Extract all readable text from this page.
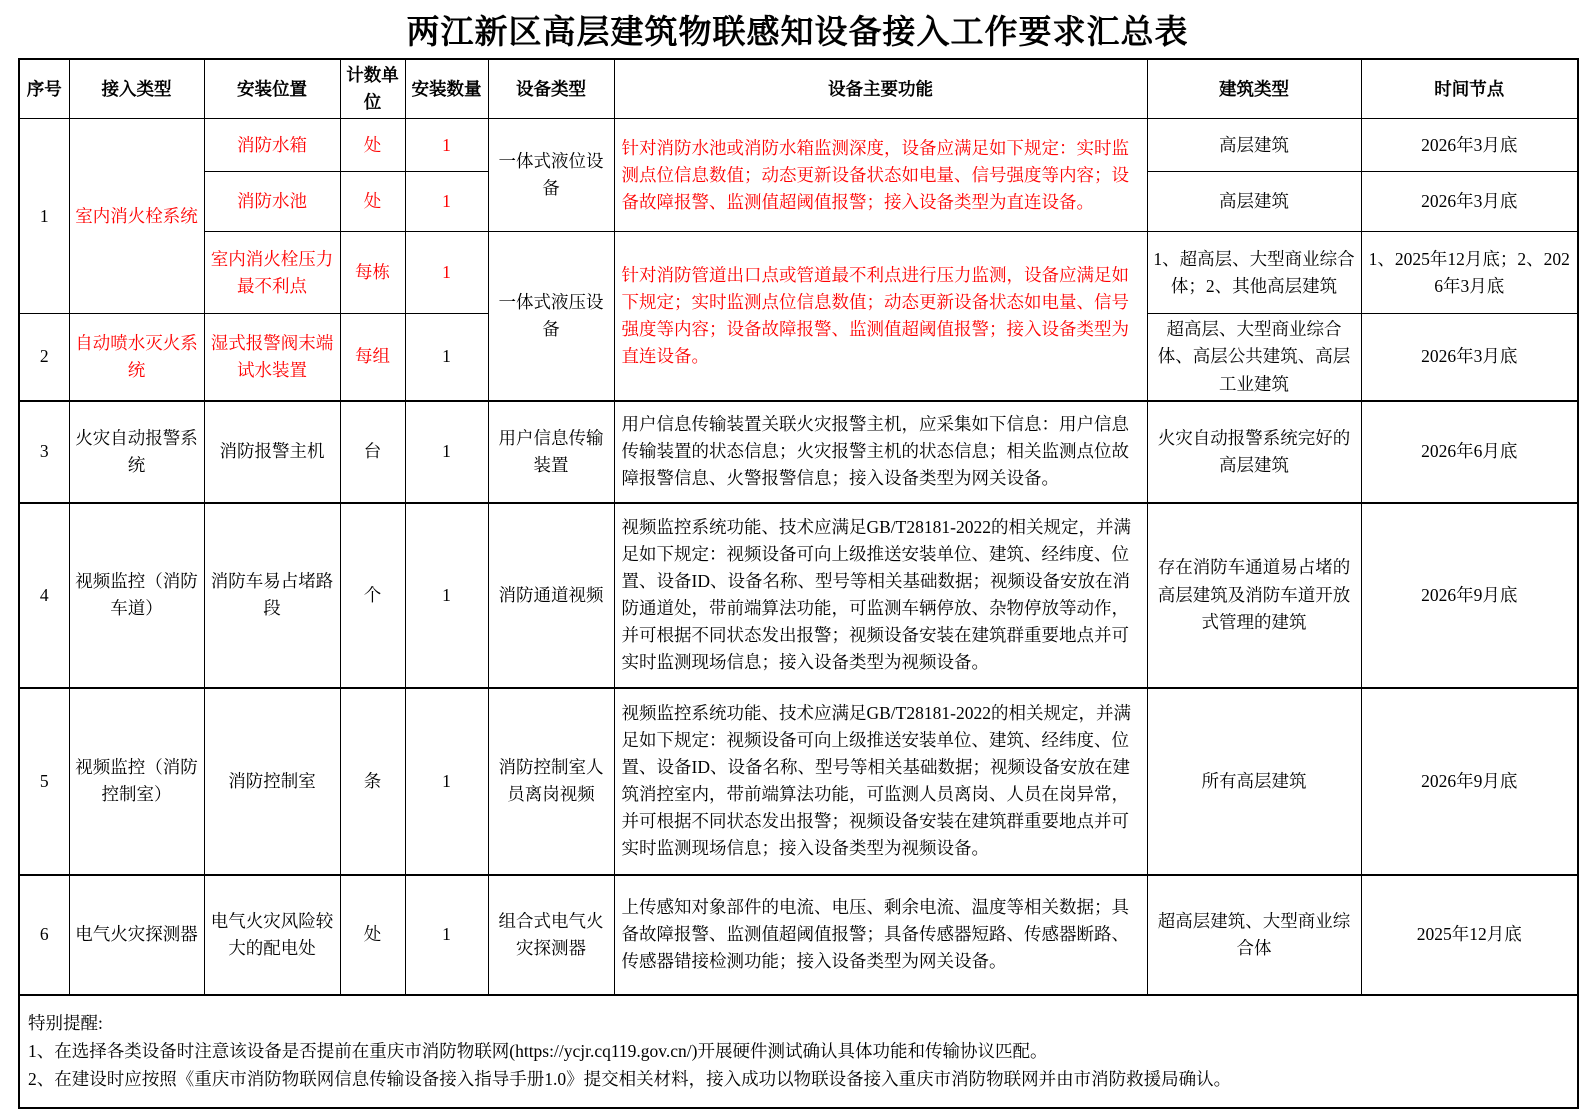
两江新区高层建筑物联感知设备接入工作要求汇总表
序号	接入类型	安装位置	计数单位	安装数量	设备类型	设备主要功能	建筑类型	时间节点
1	室内消火栓系统	消防水箱	处	1	一体式液位设备	针对消防水池或消防水箱监测深度，设备应满足如下规定：实时监测点位信息数值；动态更新设备状态如电量、信号强度等内容；设备故障报警、监测值超阈值报警；接入设备类型为直连设备。	高层建筑	2026年3月底
		消防水池	处	1			高层建筑	2026年3月底
		室内消火栓压力最不利点	每栋	1	一体式液压设备	针对消防管道出口点或管道最不利点进行压力监测，设备应满足如下规定；实时监测点位信息数值；动态更新设备状态如电量、信号强度等内容；设备故障报警、监测值超阈值报警；接入设备类型为直连设备。	1、超高层、大型商业综合体；2、其他高层建筑	1、2025年12月底；2、2026年3月底
2	自动喷水灭火系统	湿式报警阀末端试水装置	每组	1			超高层、大型商业综合体、高层公共建筑、高层工业建筑	2026年3月底
3	火灾自动报警系统	消防报警主机	台	1	用户信息传输装置	用户信息传输装置关联火灾报警主机，应采集如下信息：用户信息传输装置的状态信息；火灾报警主机的状态信息；相关监测点位故障报警信息、火警报警信息；接入设备类型为网关设备。	火灾自动报警系统完好的高层建筑	2026年6月底
4	视频监控（消防车道）	消防车易占堵路段	个	1	消防通道视频	视频监控系统功能、技术应满足GB/T28181-2022的相关规定，并满足如下规定：视频设备可向上级推送安装单位、建筑、经纬度、位置、设备ID、设备名称、型号等相关基础数据；视频设备安放在消防通道处，带前端算法功能，可监测车辆停放、杂物停放等动作，并可根据不同状态发出报警；视频设备安装在建筑群重要地点并可实时监测现场信息；接入设备类型为视频设备。	存在消防车通道易占堵的高层建筑及消防车道开放式管理的建筑	2026年9月底
5	视频监控（消防控制室）	消防控制室	条	1	消防控制室人员离岗视频	视频监控系统功能、技术应满足GB/T28181-2022的相关规定，并满足如下规定：视频设备可向上级推送安装单位、建筑、经纬度、位置、设备ID、设备名称、型号等相关基础数据；视频设备安放在建筑消控室内，带前端算法功能，可监测人员离岗、人员在岗异常，并可根据不同状态发出报警；视频设备安装在建筑群重要地点并可实时监测现场信息；接入设备类型为视频设备。	所有高层建筑	2026年9月底
6	电气火灾探测器	电气火灾风险较大的配电处	处	1	组合式电气火灾探测器	上传感知对象部件的电流、电压、剩余电流、温度等相关数据；具备故障报警、监测值超阈值报警；具备传感器短路、传感器断路、传感器错接检测功能；接入设备类型为网关设备。	超高层建筑、大型商业综合体	2025年12月底

特别提醒:

1、在选择各类设备时注意该设备是否提前在重庆市消防物联网(https://ycjr.cq119.gov.cn/)开展硬件测试确认具体功能和传输协议匹配。

2、在建设时应按照《重庆市消防物联网信息传输设备接入指导手册1.0》提交相关材料，接入成功以物联设备接入重庆市消防物联网并由市消防救援局确认。								
